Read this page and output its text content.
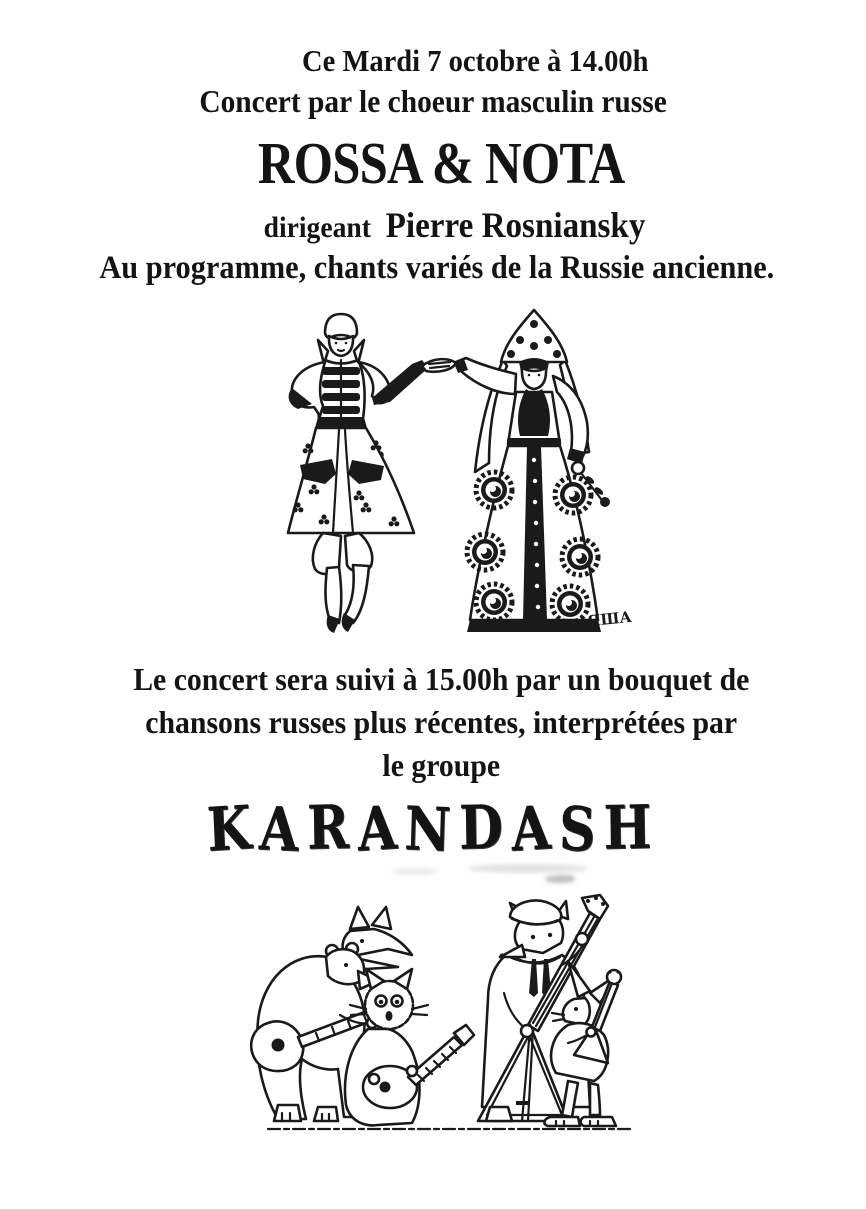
Ce Mardi 7 octobre à 14.00h
Concert par le choeur masculin russe
ROSSA & NOTA
dirigeant Pierre Rosniansky
Au programme, chants variés de la Russie ancienne.
ЯША
Le concert sera suivi à 15.00h par un bouquet de
chansons russes plus récentes, interprétées par
le groupe
KARANDASH
